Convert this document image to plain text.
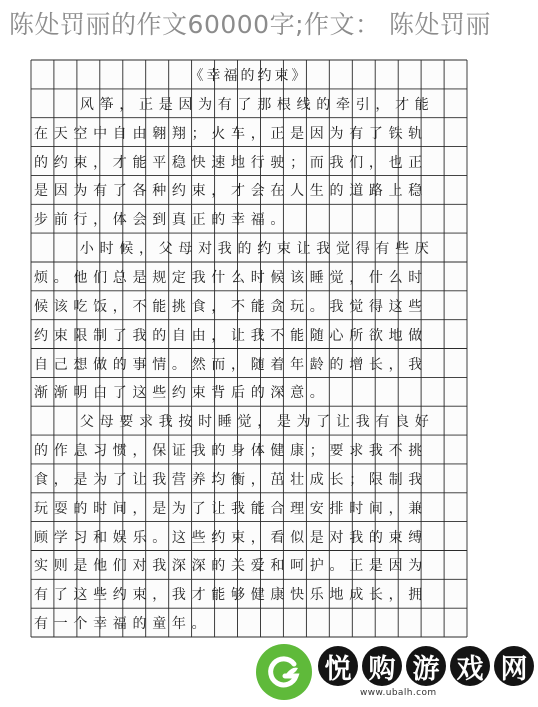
陈处罚丽的作文60000字;作文： 陈处罚丽
《幸福的约束》
风筝，正是因为有了那根线的牵引，才能
在天空中自由翱翔；火车，正是因为有了铁轨
的约束，才能平稳快速地行驶；而我们，也正
是因为有了各种约束，才会在人生的道路上稳
步前行，体会到真正的幸福。
小时候，父母对我的约束让我觉得有些厌
烦。他们总是规定我什么时候该睡觉，什么时
候该吃饭，不能挑食，不能贪玩。我觉得这些
约束限制了我的自由，让我不能随心所欲地做
自己想做的事情。然而，随着年龄的增长，我
渐渐明白了这些约束背后的深意。
父母要求我按时睡觉，是为了让我有良好
的作息习惯，保证我的身体健康；要求我不挑
食，是为了让我营养均衡，茁壮成长；限制我
玩耍的时间，是为了让我能合理安排时间，兼
顾学习和娱乐。这些约束，看似是对我的束缚
实则是他们对我深深的关爱和呵护。正是因为
有了这些约束，我才能够健康快乐地成长，拥
有一个幸福的童年。
悦 购 游 戏 网
www.ubalh.com
